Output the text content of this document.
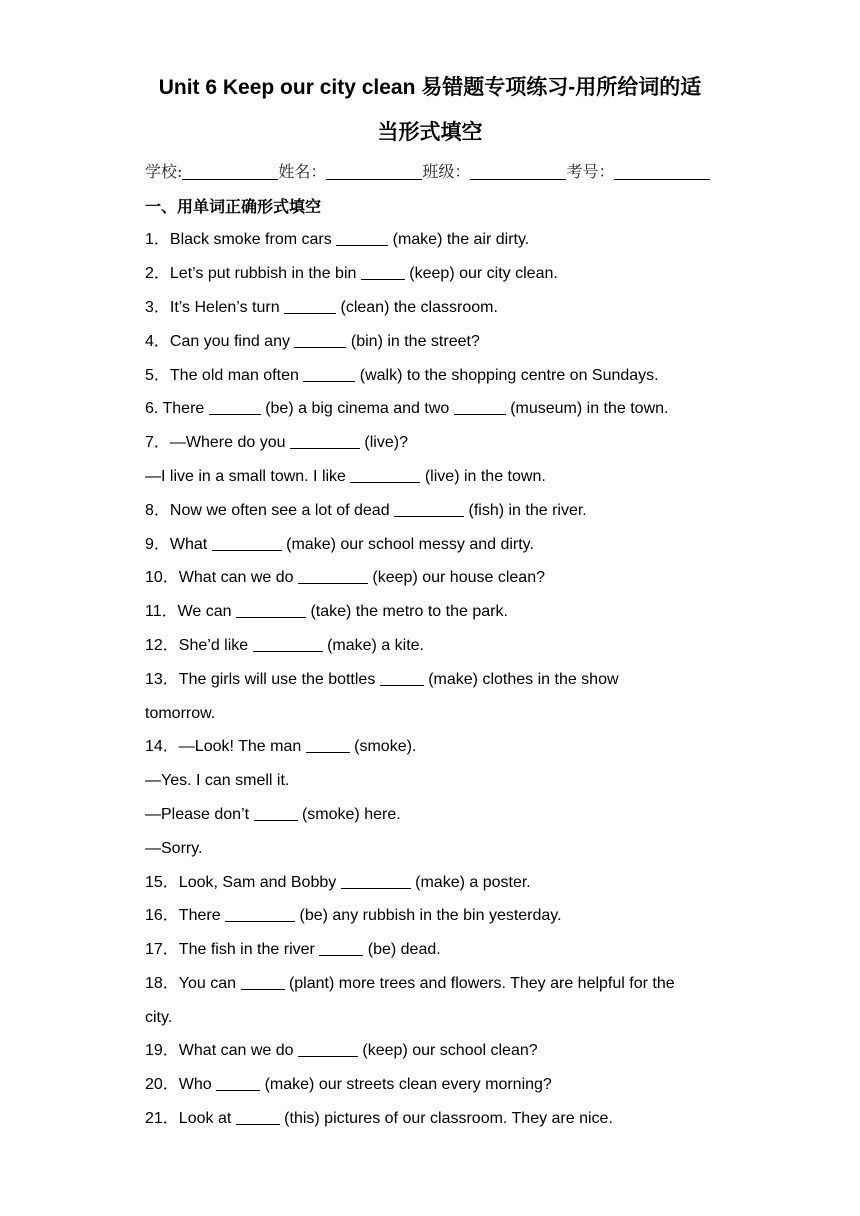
Unit 6 Keep our city clean 易错题专项练习-用所给词的适
当形式填空
学校:	姓名：	班级：	考号：
一、用单词正确形式填空
1．Black smoke from cars	(make) the air dirty.
2．Let’s put rubbish in the bin	(keep) our city clean.
3．It’s Helen’s turn	(clean) the classroom.
4．Can you find any	(bin) in the street?
5．The old man often	(walk) to the shopping centre on Sundays.
6. There	(be) a big cinema and two	(museum) in the town.
7．—Where do you	(live)?
—I live in a small town. I like	(live) in the town.
8．Now we often see a lot of dead	(fish) in the river.
9．What	(make) our school messy and dirty.
10．What can we do	(keep) our house clean?
11．We can	(take) the metro to the park.
12．She’d like	(make) a kite.
13．The girls will use the bottles	(make) clothes in the show
tomorrow.
14．—Look! The man	(smoke).
—Yes. I can smell it.
—Please don’t	(smoke) here.
—Sorry.
15．Look, Sam and Bobby	(make) a poster.
16．There	(be) any rubbish in the bin yesterday.
17．The fish in the river	(be) dead.
18．You can	(plant) more trees and flowers. They are helpful for the
city.
19．What can we do	(keep) our school clean?
20．Who	(make) our streets clean every morning?
21．Look at	(this) pictures of our classroom. They are nice.
